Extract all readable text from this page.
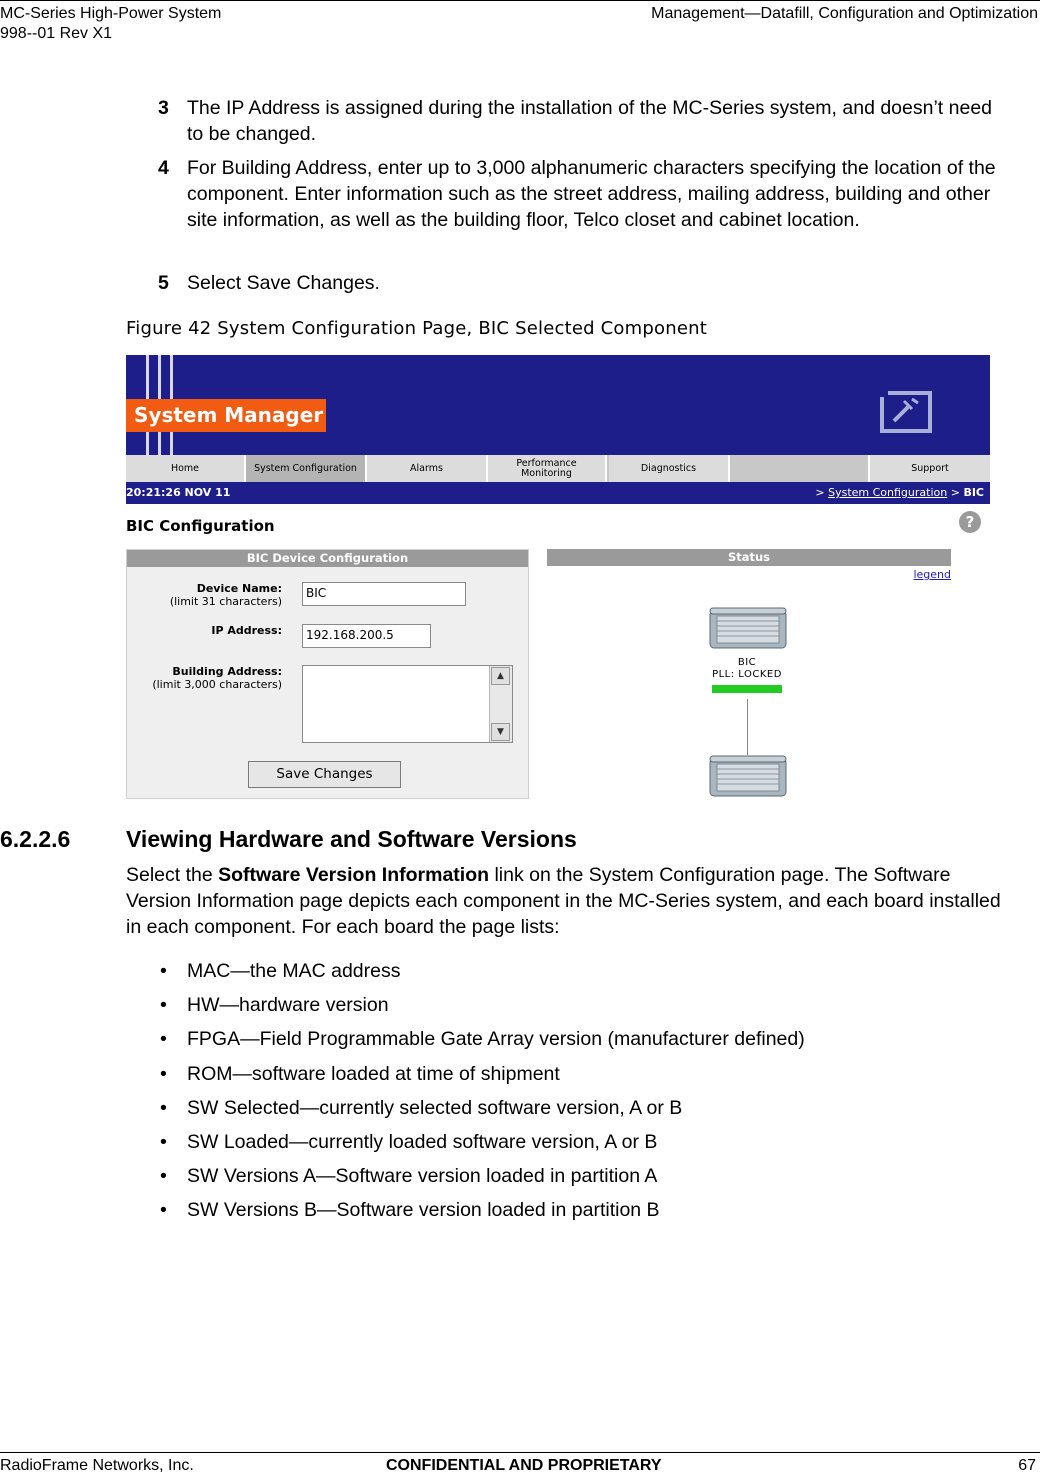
MC-Series High-Power System
998--01 Rev X1
Management—Datafill, Configuration and Optimization
3 The IP Address is assigned during the installation of the MC-Series system, and doesn’t need to be changed.
4 For Building Address, enter up to 3,000 alphanumeric characters specifying the location of the component. Enter information such as the street address, mailing address, building and other site information, as well as the building floor, Telco closet and cabinet location.
5 Select Save Changes.
Figure 42 System Configuration Page, BIC Selected Component
System Manager
Home	System Configuration	Alarms	Performance Monitoring	Diagnostics	Support
20:21:26 NOV 11	> System Configuration > BIC
BIC Configuration	?
BIC Device Configuration
Device Name:
(limit 31 characters)
BIC
IP Address:	192.168.200.5
Building Address:
(limit 3,000 characters)
▲
▼
Save Changes
Status
legend
BIC
PLL: LOCKED
6.2.2.6 Viewing Hardware and Software Versions
Select the Software Version Information link on the System Configuration page. The Software Version Information page depicts each component in the MC-Series system, and each board installed in each component. For each board the page lists:
• MAC—the MAC address
• HW—hardware version
• FPGA—Field Programmable Gate Array version (manufacturer defined)
• ROM—software loaded at time of shipment
• SW Selected—currently selected software version, A or B
• SW Loaded—currently loaded software version, A or B
• SW Versions A—Software version loaded in partition A
• SW Versions B—Software version loaded in partition B
RadioFrame Networks, Inc.	CONFIDENTIAL AND PROPRIETARY	67
